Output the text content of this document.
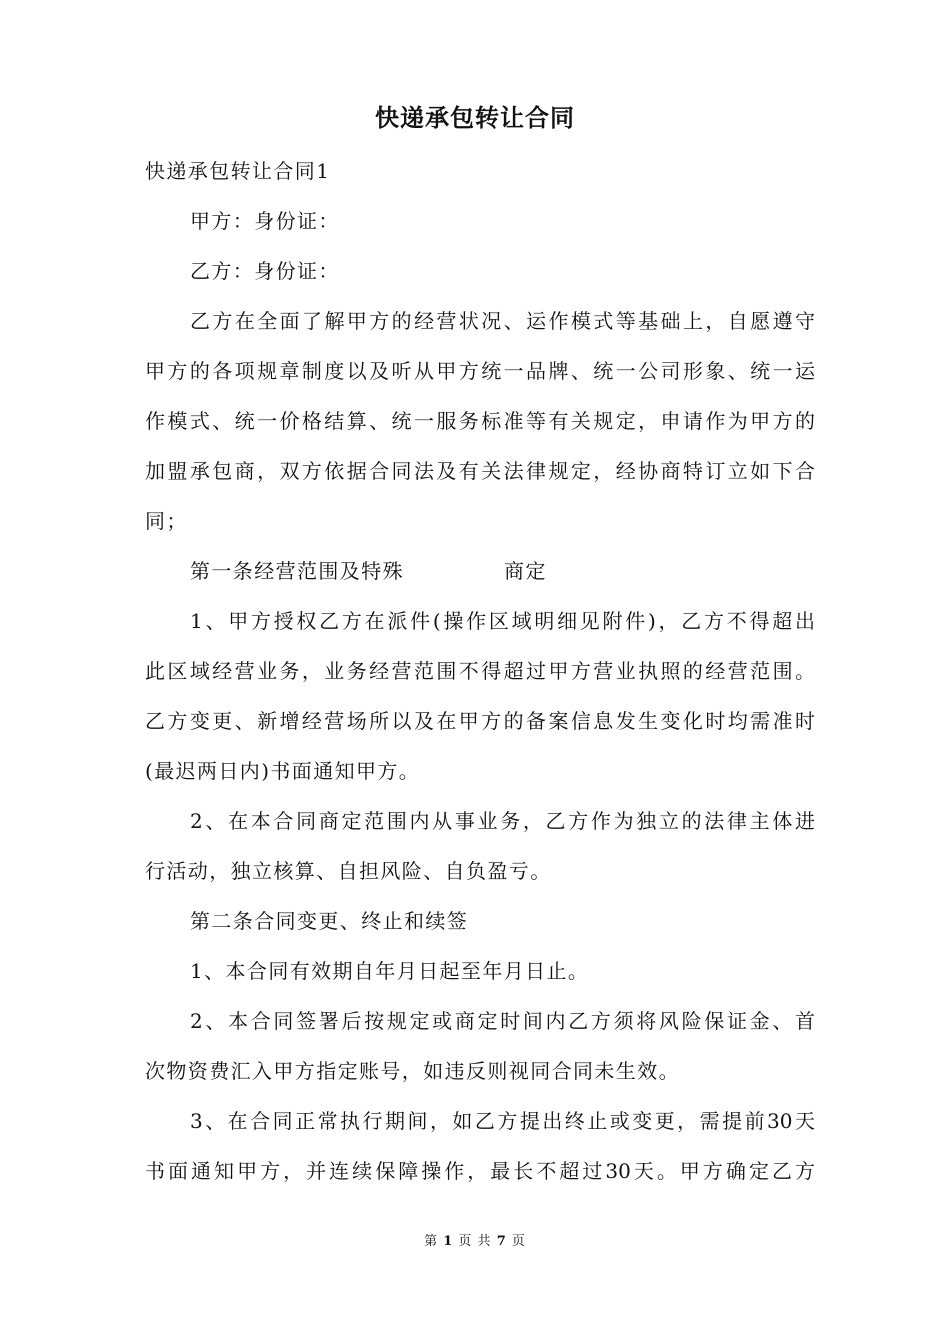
快递承包转让合同
快递承包转让合同1
甲方：身份证：
乙方：身份证：
乙方在全面了解甲方的经营状况、运作模式等基础上，自愿遵守
甲方的各项规章制度以及听从甲方统一品牌、统一公司形象、统一运
作模式、统一价格结算、统一服务标准等有关规定，申请作为甲方的
加盟承包商，双方依据合同法及有关法律规定，经协商特订立如下合
同；
第一条经营范围及特殊	商定
1、甲方授权乙方在派件(操作区域明细见附件)，乙方不得超出
此区域经营业务，业务经营范围不得超过甲方营业执照的经营范围。
乙方变更、新增经营场所以及在甲方的备案信息发生变化时均需准时
(最迟两日内)书面通知甲方。
2、在本合同商定范围内从事业务，乙方作为独立的法律主体进
行活动，独立核算、自担风险、自负盈亏。
第二条合同变更、终止和续签
1、本合同有效期自年月日起至年月日止。
2、本合同签署后按规定或商定时间内乙方须将风险保证金、首
次物资费汇入甲方指定账号，如违反则视同合同未生效。
3、在合同正常执行期间，如乙方提出终止或变更，需提前30天
书面通知甲方，并连续保障操作，最长不超过30天。甲方确定乙方
第 1 页 共 7 页
